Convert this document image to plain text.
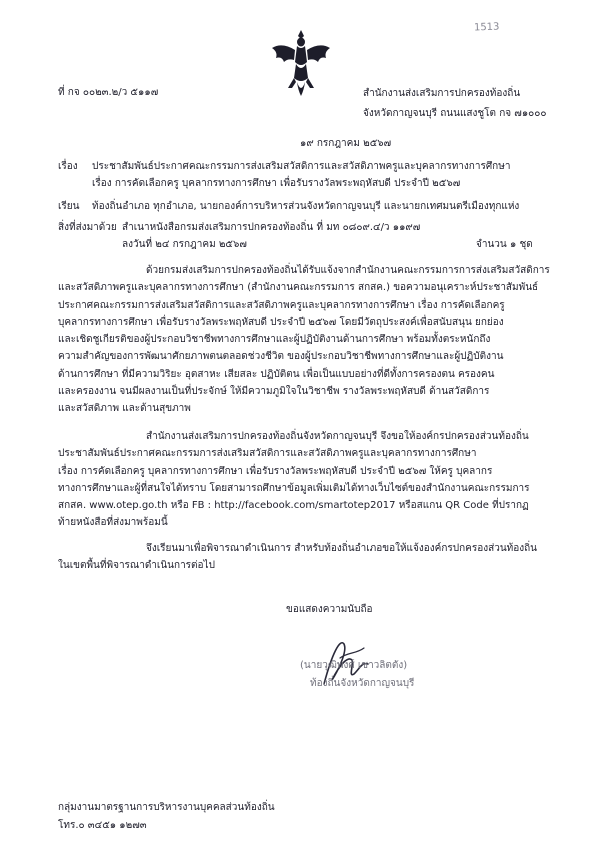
1513
ที่ กจ ๐๐๒๓.๒/ว ๕๑๑๗	สำนักงานส่งเสริมการปกครองท้องถิ่น
จังหวัดกาญจนบุรี ถนนแสงชูโต กจ ๗๑๐๐๐
๑๙ กรกฎาคม ๒๕๖๗
เรื่อง ประชาสัมพันธ์ประกาศคณะกรรมการส่งเสริมสวัสดิการและสวัสดิภาพครูและบุคลากรทางการศึกษา
เรื่อง การคัดเลือกครู บุคลากรทางการศึกษา เพื่อรับรางวัลพระพฤหัสบดี ประจำปี ๒๕๖๗
เรียน ท้องถิ่นอำเภอ ทุกอำเภอ, นายกองค์การบริหารส่วนจังหวัดกาญจนบุรี และนายกเทศมนตรีเมืองทุกแห่ง
สิ่งที่ส่งมาด้วย สำเนาหนังสือกรมส่งเสริมการปกครองท้องถิ่น ที่ มท ๐๘๐๙.๔/ว ๑๑๙๗
ลงวันที่ ๒๔ กรกฎาคม ๒๕๖๗	จำนวน ๑ ชุด
ด้วยกรมส่งเสริมการปกครองท้องถิ่นได้รับแจ้งจากสำนักงานคณะกรรมการการส่งเสริมสวัสดิการ
และสวัสดิภาพครูและบุคลากรทางการศึกษา (สำนักงานคณะกรรมการ สกสค.) ขอความอนุเคราะห์ประชาสัมพันธ์
ประกาศคณะกรรมการส่งเสริมสวัสดิการและสวัสดิภาพครูและบุคลากรทางการศึกษา เรื่อง การคัดเลือกครู
บุคลากรทางการศึกษา เพื่อรับรางวัลพระพฤหัสบดี ประจำปี ๒๕๖๗ โดยมีวัตถุประสงค์เพื่อสนับสนุน ยกย่อง
และเชิดชูเกียรติของผู้ประกอบวิชาชีพทางการศึกษาและผู้ปฏิบัติงานด้านการศึกษา พร้อมทั้งตระหนักถึง
ความสำคัญของการพัฒนาศักยภาพตนตลอดช่วงชีวิต ของผู้ประกอบวิชาชีพทางการศึกษาและผู้ปฏิบัติงาน
ด้านการศึกษา ที่มีความวิริยะ อุตสาหะ เสียสละ ปฏิบัติตน เพื่อเป็นแบบอย่างที่ดีทั้งการครองตน ครองคน
และครองงาน จนมีผลงานเป็นที่ประจักษ์ ให้มีความภูมิใจในวิชาชีพ รางวัลพระพฤหัสบดี ด้านสวัสดิการ
และสวัสดิภาพ และด้านสุขภาพ
สำนักงานส่งเสริมการปกครองท้องถิ่นจังหวัดกาญจนบุรี จึงขอให้องค์กรปกครองส่วนท้องถิ่น
ประชาสัมพันธ์ประกาศคณะกรรมการส่งเสริมสวัสดิการและสวัสดิภาพครูและบุคลากรทางการศึกษา
เรื่อง การคัดเลือกครู บุคลากรทางการศึกษา เพื่อรับรางวัลพระพฤหัสบดี ประจำปี ๒๕๖๗ ให้ครู บุคลากร
ทางการศึกษาและผู้ที่สนใจได้ทราบ โดยสามารถศึกษาข้อมูลเพิ่มเติมได้ทางเว็บไซต์ของสำนักงานคณะกรรมการ
สกสค. www.otep.go.th หรือ FB : http://facebook.com/smartotep2017 หรือสแกน QR Code ที่ปรากฏ
ท้ายหนังสือที่ส่งมาพร้อมนี้
จึงเรียนมาเพื่อพิจารณาดำเนินการ สำหรับท้องถิ่นอำเภอขอให้แจ้งองค์กรปกครองส่วนท้องถิ่น
ในเขตพื้นที่พิจารณาดำเนินการต่อไป
ขอแสดงความนับถือ
(นายวุฒิพงศ์ เชาวลิตตัง)
ท้องถิ่นจังหวัดกาญจนบุรี
กลุ่มงานมาตรฐานการบริหารงานบุคคลส่วนท้องถิ่น
โทร.๐ ๓๔๕๑ ๑๒๗๓
